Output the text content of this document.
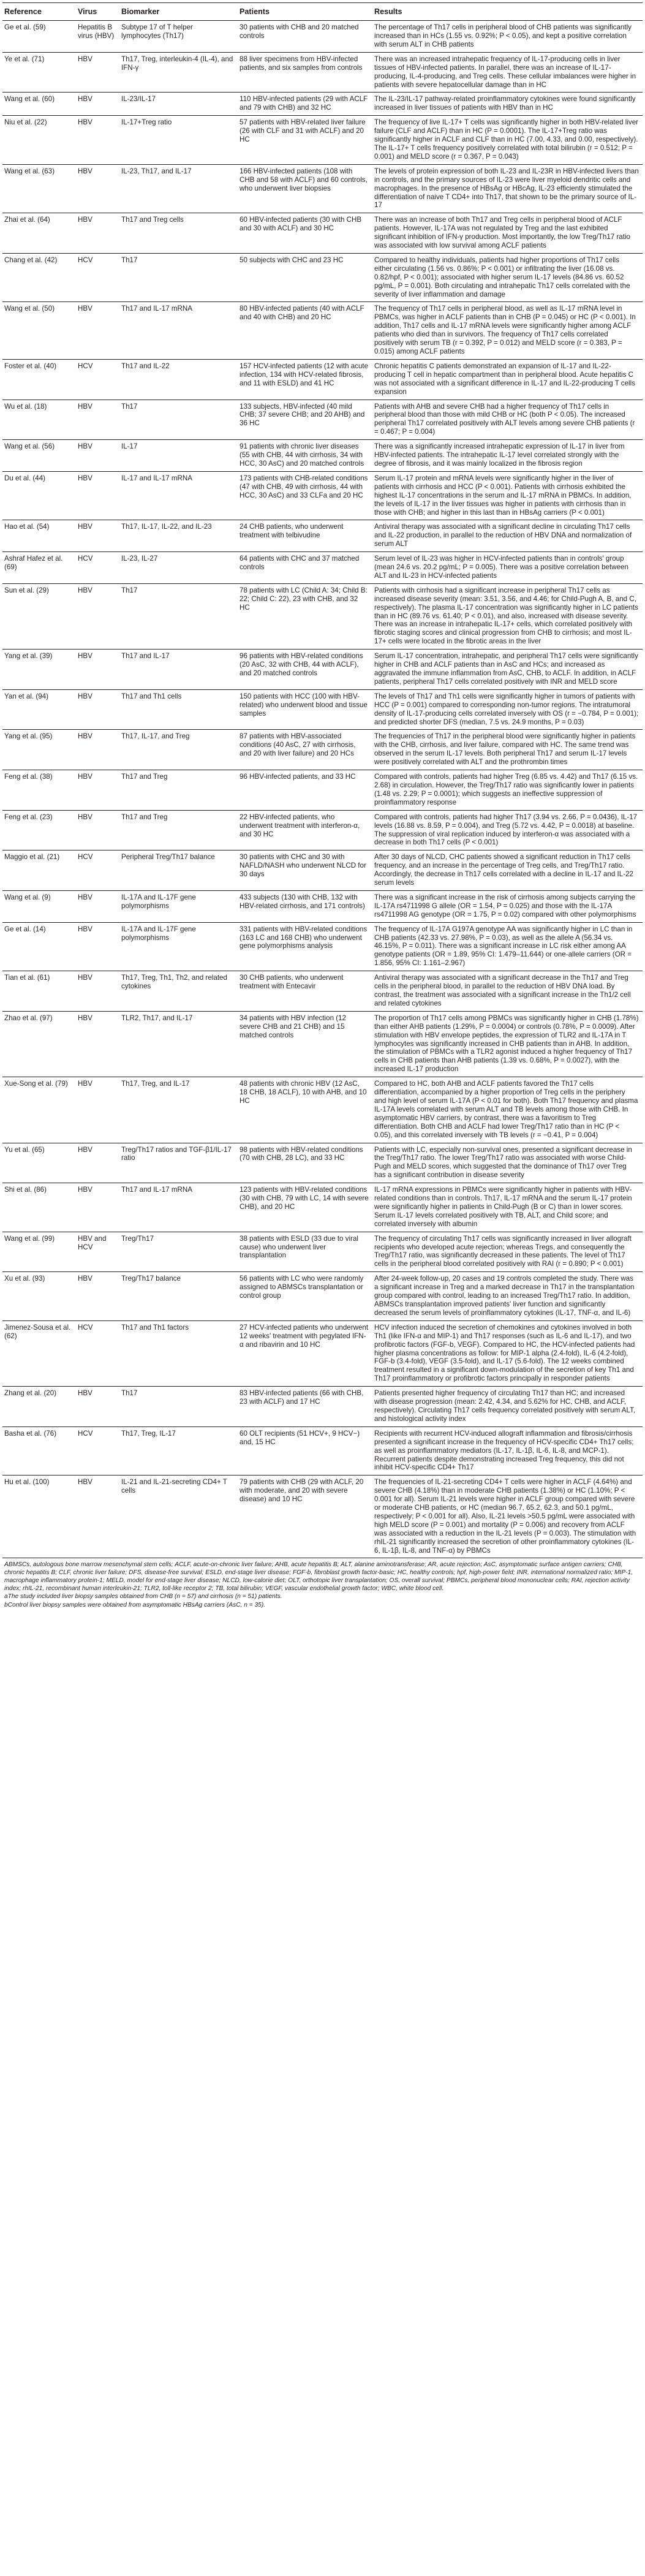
Reference	Virus	Biomarker	Patients	Results
Ge et al. (59)	Hepatitis B virus (HBV)	Subtype 17 of T helper lymphocytes (Th17)	30 patients with CHB and 20 matched controls	The percentage of Th17 cells in peripheral blood of CHB patients was significantly increased than in HCs (1.55 vs. 0.92%; P < 0.05), and kept a positive correlation with serum ALT in CHB patients
Ye et al. (71)	HBV	Th17, Treg, interleukin-4 (IL-4), and IFN-γ	88 liver specimens from HBV-infected patients, and six samples from controls	There was an increased intrahepatic frequency of IL-17-producing cells in liver tissues of HBV-infected patients. In parallel, there was an increase of IL-17-producing, IL-4-producing, and Treg cells. These cellular imbalances were higher in patients with severe hepatocellular damage than in HC
Wang et al. (60)	HBV	IL-23/IL-17	110 HBV-infected patients (29 with ACLF and 79 with CHB) and 32 HC	The IL-23/IL-17 pathway-related proinflammatory cytokines were found significantly increased in liver tissues of patients with HBV than in HC
Niu et al. (22)	HBV	IL-17+Treg ratio	57 patients with HBV-related liver failure (26 with CLF and 31 with ACLF) and 20 HC	The frequency of live IL-17+ T cells was significantly higher in both HBV-related liver failure (CLF and ACLF) than in HC (P = 0.0001). The IL-17+Treg ratio was significantly higher in ACLF and CLF than in HC (7.00, 4.33, and 0.00, respectively). The IL-17+ T cells frequency positively correlated with total bilirubin (r = 0.512; P = 0.001) and MELD score (r = 0.367, P = 0.043)
Wang et al. (63)	HBV	IL-23, Th17, and IL-17	166 HBV-infected patients (108 with CHB and 58 with ACLF) and 60 controls, who underwent liver biopsies	The levels of protein expression of both IL-23 and IL-23R in HBV-infected livers than in controls, and the primary sources of IL-23 were liver myeloid dendritic cells and macrophages. In the presence of HBsAg or HBcAg, IL-23 efficiently stimulated the differentiation of naive T CD4+ into Th17, that shown to be the primary source of IL-17
Zhai et al. (64)	HBV	Th17 and Treg cells	60 HBV-infected patients (30 with CHB and 30 with ACLF) and 30 HC	There was an increase of both Th17 and Treg cells in peripheral blood of ACLF patients. However, IL-17A was not regulated by Treg and the last exhibited significant inhibition of IFN-γ production. Most importantly, the low Treg/Th17 ratio was associated with low survival among ACLF patients
Chang et al. (42)	HCV	Th17	50 subjects with CHC and 23 HC	Compared to healthy individuals, patients had higher proportions of Th17 cells either circulating (1.56 vs. 0.86%; P < 0.001) or infiltrating the liver (16.08 vs. 0.82/hpf, P < 0.001); associated with higher serum IL-17 levels (84.86 vs. 60.52 pg/mL, P = 0.001). Both circulating and intrahepatic Th17 cells correlated with the severity of liver inflammation and damage
Wang et al. (50)	HBV	Th17 and IL-17 mRNA	80 HBV-infected patients (40 with ACLF and 40 with CHB) and 20 HC	The frequency of Th17 cells in peripheral blood, as well as IL-17 mRNA level in PBMCs, was higher in ACLF patients than in CHB (P = 0.045) or HC (P < 0.001). In addition, Th17 cells and IL-17 mRNA levels were significantly higher among ACLF patients who died than in survivors. The frequency of Th17 cells correlated positively with serum TB (r = 0.392, P = 0.012) and MELD score (r = 0.383, P = 0.015) among ACLF patients
Foster et al. (40)	HCV	Th17 and IL-22	157 HCV-infected patients (12 with acute infection, 134 with HCV-related fibrosis, and 11 with ESLD) and 41 HC	Chronic hepatitis C patients demonstrated an expansion of IL-17 and IL-22-producing T cell in hepatic compartment than in peripheral blood. Acute hepatitis C was not associated with a significant difference in IL-17 and IL-22-producing T cells expansion
Wu et al. (18)	HBV	Th17	133 subjects, HBV-infected (40 mild CHB; 37 severe CHB; and 20 AHB) and 36 HC	Patients with AHB and severe CHB had a higher frequency of Th17 cells in peripheral blood than those with mild CHB or HC (both P < 0.05). The increased peripheral Th17 correlated positively with ALT levels among severe CHB patients (r = 0.467; P = 0.004)
Wang et al. (56)	HBV	IL-17	91 patients with chronic liver diseases (55 with CHB, 44 with cirrhosis, 34 with HCC, 30 AsC) and 20 matched controls	There was a significantly increased intrahepatic expression of IL-17 in liver from HBV-infected patients. The intrahepatic IL-17 level correlated strongly with the degree of fibrosis, and it was mainly localized in the fibrosis region
Du et al. (44)	HBV	IL-17 and IL-17 mRNA	173 patients with CHB-related conditions (47 with CHB, 49 with cirrhosis, 44 with HCC, 30 AsC) and 33 CLFa and 20 HC	Serum IL-17 protein and mRNA levels were significantly higher in the liver of patients with cirrhosis and HCC (P < 0.001). Patients with cirrhosis exhibited the highest IL-17 concentrations in the serum and IL-17 mRNA in PBMCs. In addition, the levels of IL-17 in the liver tissues was higher in patients with cirrhosis than in those with CHB; and higher in this last than in HBsAg carriers (P < 0.001)
Hao et al. (54)	HBV	Th17, IL-17, IL-22, and IL-23	24 CHB patients, who underwent treatment with telbivudine	Antiviral therapy was associated with a significant decline in circulating Th17 cells and IL-22 production, in parallel to the reduction of HBV DNA and normalization of serum ALT
Ashraf Hafez et al. (69)	HCV	IL-23, IL-27	64 patients with CHC and 37 matched controls	Serum level of IL-23 was higher in HCV-infected patients than in controls' group (mean 24.6 vs. 20.2 pg/mL; P = 0.005). There was a positive correlation between ALT and IL-23 in HCV-infected patients
Sun et al. (29)	HBV	Th17	78 patients with LC (Child A: 34; Child B: 22; Child C: 22), 23 with CHB, and 32 HC	Patients with cirrhosis had a significant increase in peripheral Th17 cells as increased disease severity (mean: 3.51, 3.56, and 4.46; for Child-Pugh A, B, and C, respectively). The plasma IL-17 concentration was significantly higher in LC patients than in HC (89.76 vs. 61.40; P < 0.01), and also, increased with disease severity. There was an increase in intrahepatic IL-17+ cells, which correlated positively with fibrotic staging scores and clinical progression from CHB to cirrhosis; and most IL-17+ cells were located in the fibrotic areas in the liver
Yang et al. (39)	HBV	Th17 and IL-17	96 patients with HBV-related conditions (20 AsC, 32 with CHB, 44 with ACLF), and 20 matched controls	Serum IL-17 concentration, intrahepatic, and peripheral Th17 cells were significantly higher in CHB and ACLF patients than in AsC and HCs; and increased as aggravated the immune inflammation from AsC, CHB, to ACLF. In addition, in ACLF patients, peripheral Th17 cells correlated positively with INR and MELD score
Yan et al. (94)	HBV	Th17 and Th1 cells	150 patients with HCC (100 with HBV-related) who underwent blood and tissue samples	The levels of Th17 and Th1 cells were significantly higher in tumors of patients with HCC (P = 0.001) compared to corresponding non-tumor regions. The intratumoral density of IL-17-producing cells correlated inversely with OS (r = −0.784, P = 0.001); and predicted shorter DFS (median, 7.5 vs. 24.9 months, P = 0.03)
Yang et al. (95)	HBV	Th17, IL-17, and Treg	87 patients with HBV-associated conditions (40 AsC, 27 with cirrhosis, and 20 with liver failure) and 20 HCs	The frequencies of Th17 in the peripheral blood were significantly higher in patients with the CHB, cirrhosis, and liver failure, compared with HC. The same trend was observed in the serum IL-17 levels. Both peripheral Th17 and serum IL-17 levels were positively correlated with ALT and the prothrombin times
Feng et al. (38)	HBV	Th17 and Treg	96 HBV-infected patients, and 33 HC	Compared with controls, patients had higher Treg (6.85 vs. 4.42) and Th17 (6.15 vs. 2.68) in circulation. However, the Treg/Th17 ratio was significantly lower in patients (1.48 vs. 2.29; P = 0.0001); which suggests an ineffective suppression of proinflammatory response
Feng et al. (23)	HBV	Th17 and Treg	22 HBV-infected patients, who underwent treatment with interferon-α, and 30 HC	Compared with controls, patients had higher Th17 (3.94 vs. 2.66, P = 0.0436), IL-17 levels (16.88 vs. 8.59, P = 0.004), and Treg (5.72 vs. 4.42, P = 0.0018) at baseline. The suppression of viral replication induced by interferon-α was associated with a decrease in both Th17 cells (P < 0.001)
Maggio et al. (21)	HCV	Peripheral Treg/Th17 balance	30 patients with CHC and 30 with NAFLD/NASH who underwent NLCD for 30 days	After 30 days of NLCD, CHC patients showed a significant reduction in Th17 cells frequency, and an increase in the percentage of Treg cells, and Treg/Th17 ratio. Accordingly, the decrease in Th17 cells correlated with a decline in IL-17 and IL-22 serum levels
Wang et al. (9)	HBV	IL-17A and IL-17F gene polymorphisms	433 subjects (130 with CHB, 132 with HBV-related cirrhosis, and 171 controls)	There was a significant increase in the risk of cirrhosis among subjects carrying the IL-17A rs4711998 G allele (OR = 1.54, P = 0.025) and those with the IL-17A rs4711998 AG genotype (OR = 1.75, P = 0.02) compared with other polymorphisms
Ge et al. (14)	HBV	IL-17A and IL-17F gene polymorphisms	331 patients with HBV-related conditions (163 LC and 168 CHB) who underwent gene polymorphisms analysis	The frequency of IL-17A G197A genotype AA was significantly higher in LC than in CHB patients (42.33 vs. 27.98%, P = 0.03), as well as the allele A (56.34 vs. 46.15%, P = 0.011). There was a significant increase in LC risk either among AA genotype patients (OR = 1.89, 95% CI: 1.479–11.644) or one-allele carriers (OR = 1.856, 95% CI: 1.161–2.967)
Tian et al. (61)	HBV	Th17, Treg, Th1, Th2, and related cytokines	30 CHB patients, who underwent treatment with Entecavir	Antiviral therapy was associated with a significant decrease in the Th17 and Treg cells in the peripheral blood, in parallel to the reduction of HBV DNA load. By contrast, the treatment was associated with a significant increase in the Th1/2 cell and related cytokines
Zhao et al. (97)	HBV	TLR2, Th17, and IL-17	34 patients with HBV infection (12 severe CHB and 21 CHB) and 15 matched controls	The proportion of Th17 cells among PBMCs was significantly higher in CHB (1.78%) than either AHB patients (1.29%, P = 0.0004) or controls (0.78%, P = 0.0009). After stimulation with HBV envelope peptides, the expression of TLR2 and IL-17A in T lymphocytes was significantly increased in CHB patients than in AHB. In addition, the stimulation of PBMCs with a TLR2 agonist induced a higher frequency of Th17 cells in CHB patients than AHB patients (1.39 vs. 0.68%, P = 0.0027), with the increased IL-17 production
Xue-Song et al. (79)	HBV	Th17, Treg, and IL-17	48 patients with chronic HBV (12 AsC, 18 CHB, 18 ACLF), 10 with AHB, and 10 HC	Compared to HC, both AHB and ACLF patients favored the Th17 cells differentiation, accompanied by a higher proportion of Treg cells in the periphery and high level of serum IL-17A (P < 0.01 for both). Both Th17 frequency and plasma IL-17A levels correlated with serum ALT and TB levels among those with CHB. In asymptomatic HBV carriers, by contrast, there was a favoritism to Treg differentiation. Both CHB and ACLF had lower Treg/Th17 ratio than in HC (P < 0.05), and this correlated inversely with TB levels (r = −0.41, P = 0.004)
Yu et al. (65)	HBV	Treg/Th17 ratios and TGF-β1/IL-17 ratio	98 patients with HBV-related conditions (70 with CHB, 28 LC), and 33 HC	Patients with LC, especially non-survival ones, presented a significant decrease in the Treg/Th17 ratio. The lower Treg/Th17 ratio was associated with worse Child-Pugh and MELD scores, which suggested that the dominance of Th17 over Treg has a significant contribution in disease severity
Shi et al. (86)	HBV	Th17 and IL-17 mRNA	123 patients with HBV-related conditions (30 with CHB, 79 with LC, 14 with severe CHB), and 20 HC	IL-17 mRNA expressions in PBMCs were significantly higher in patients with HBV-related conditions than in controls. Th17, IL-17 mRNA and the serum IL-17 protein were significantly higher in patients in Child-Pugh (B or C) than in lower scores. Serum IL-17 levels correlated positively with TB, ALT, and Child score; and correlated inversely with albumin
Wang et al. (99)	HBV and HCV	Treg/Th17	38 patients with ESLD (33 due to viral cause) who underwent liver transplantation	The frequency of circulating Th17 cells was significantly increased in liver allograft recipients who developed acute rejection; whereas Tregs, and consequently the Treg/Th17 ratio, was significantly decreased in these patients. The level of Th17 cells in the peripheral blood correlated positively with RAI (r = 0.890; P < 0.001)
Xu et al. (93)	HBV	Treg/Th17 balance	56 patients with LC who were randomly assigned to ABMSCs transplantation or control group	After 24-week follow-up, 20 cases and 19 controls completed the study. There was a significant increase in Treg and a marked decrease in Th17 in the transplantation group compared with control, leading to an increased Treg/Th17 ratio. In addition, ABMSCs transplantation improved patients' liver function and significantly decreased the serum levels of proinflammatory cytokines (IL-17, TNF-α, and IL-6)
Jimenez-Sousa et al. (62)	HCV	Th17 and Th1 factors	27 HCV-infected patients who underwent 12 weeks' treatment with pegylated IFN-α and ribavirin and 10 HC	HCV infection induced the secretion of chemokines and cytokines involved in both Th1 (like IFN-α and MIP-1) and Th17 responses (such as IL-6 and IL-17), and two profibrotic factors (FGF-b, VEGF). Compared to HC, the HCV-infected patients had higher plasma concentrations as follow: for MIP-1 alpha (2.4-fold), IL-6 (4.2-fold), FGF-b (3.4-fold), VEGF (3.5-fold), and IL-17 (5.6-fold). The 12 weeks combined treatment resulted in a significant down-modulation of the secretion of key Th1 and Th17 proinflammatory or profibrotic factors principally in responder patients
Zhang et al. (20)	HBV	Th17	83 HBV-infected patients (66 with CHB, 23 with ACLF) and 17 HC	Patients presented higher frequency of circulating Th17 than HC; and increased with disease progression (mean: 2.42, 4.34, and 5.62% for HC, CHB, and ACLF, respectively). Circulating Th17 cells frequency correlated positively with serum ALT, and histological activity index
Basha et al. (76)	HCV	Th17, Treg, IL-17	60 OLT recipients (51 HCV+, 9 HCV−) and, 15 HC	Recipients with recurrent HCV-induced allograft inflammation and fibrosis/cirrhosis presented a significant increase in the frequency of HCV-specific CD4+ Th17 cells; as well as proinflammatory mediators (IL-17, IL-1β, IL-6, IL-8, and MCP-1). Recurrent patients despite demonstrating increased Treg frequency, this did not inhibit HCV-specific CD4+ Th17
Hu et al. (100)	HBV	IL-21 and IL-21-secreting CD4+ T cells	79 patients with CHB (29 with ACLF, 20 with moderate, and 20 with severe disease) and 10 HC	The frequencies of IL-21-secreting CD4+ T cells were higher in ACLF (4.64%) and severe CHB (4.18%) than in moderate CHB patients (1.38%) or HC (1.10%; P < 0.001 for all). Serum IL-21 levels were higher in ACLF group compared with severe or moderate CHB patients, or HC (median 96.7, 65.2, 62.3, and 50.1 pg/mL, respectively; P < 0.001 for all). Also, IL-21 levels >50.5 pg/mL were associated with high MELD score (P = 0.001) and mortality (P = 0.006) and recovery from ACLF was associated with a reduction in the IL-21 levels (P = 0.003). The stimulation with rhIL-21 significantly increased the secretion of other proinflammatory cytokines (IL-6, IL-1β, IL-8, and TNF-α) by PBMCs

ABMSCs, autologous bone marrow mesenchymal stem cells; ACLF, acute-on-chronic liver failure; AHB, acute hepatitis B; ALT, alanine aminotransferase; AR, acute rejection; AsC, asymptomatic surface antigen carriers; CHB, chronic hepatitis B; CLF, chronic liver failure; DFS, disease-free survival; ESLD, end-stage liver disease; FGF-b, fibroblast growth factor-basic; HC, healthy controls; hpf, high-power field; INR, international normalized ratio; MIP-1, macrophage inflammatory protein-1; MELD, model for end-stage liver disease; NLCD, low-calorie diet; OLT, orthotopic liver transplantation; OS, overall survival; PBMCs, peripheral blood mononuclear cells; RAI, rejection activity index; rhIL-21, recombinant human interleukin-21; TLR2, toll-like receptor 2; TB, total bilirubin; VEGF, vascular endothelial growth factor; WBC, white blood cell.

aThe study included liver biopsy samples obtained from CHB (n = 57) and cirrhosis (n = 51) patients.

bControl liver biopsy samples were obtained from asymptomatic HBsAg carriers (AsC, n = 35).
